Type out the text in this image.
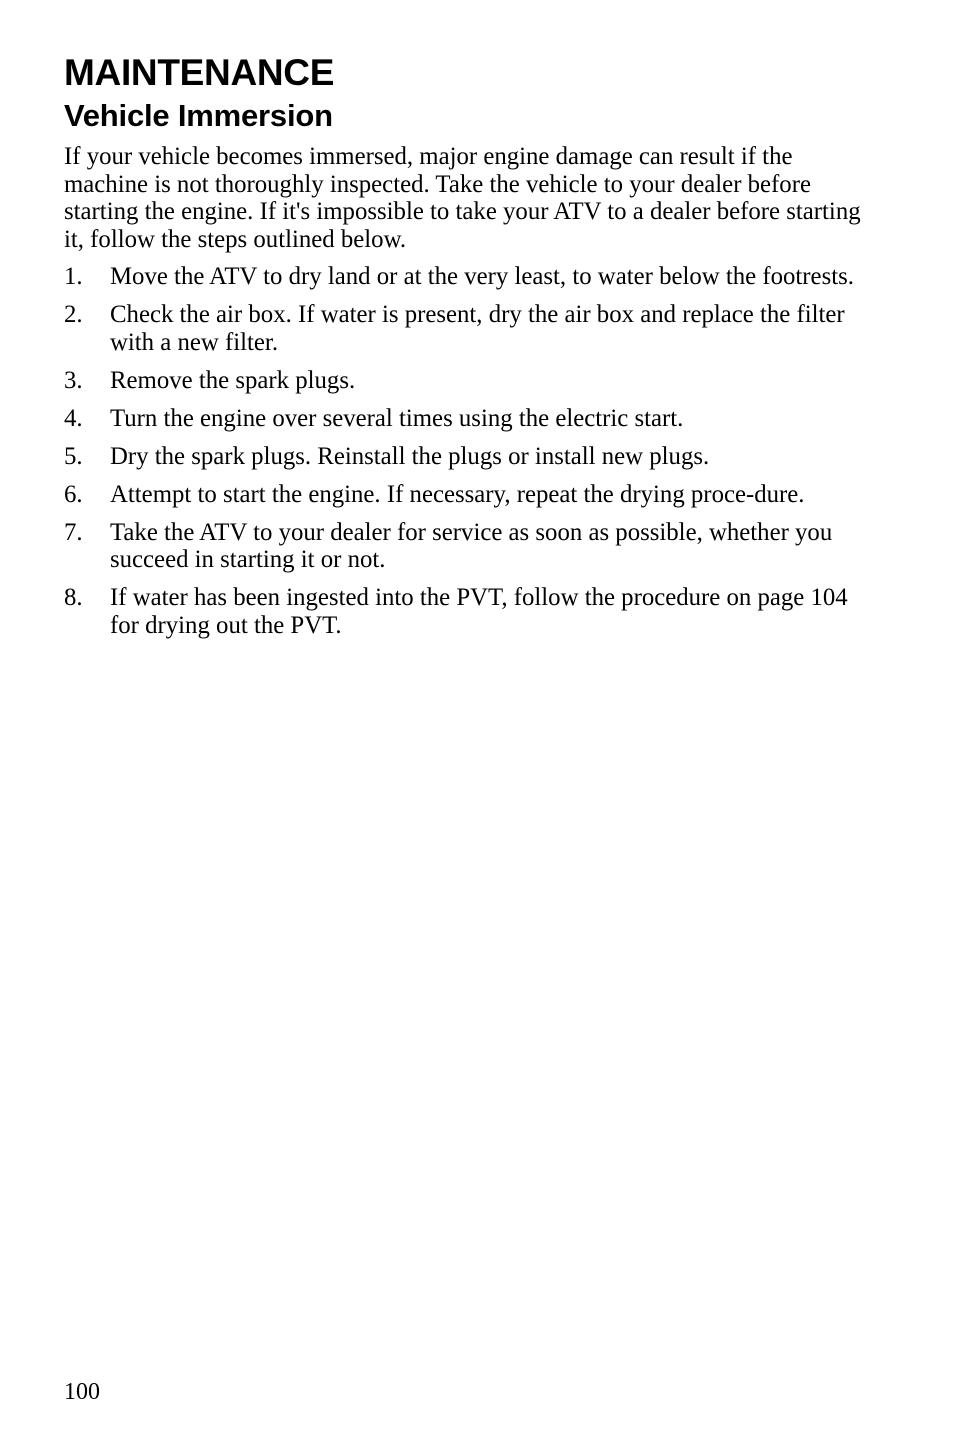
MAINTENANCE
Vehicle Immersion

If your vehicle becomes immersed, major engine damage can result if the machine is not thoroughly inspected. Take the vehicle to your dealer before starting the engine. If it's impossible to take your ATV to a dealer before starting it, follow the steps outlined below.

1. Move the ATV to dry land or at the very least, to water below the footrests.
2. Check the air box. If water is present, dry the air box and replace the filter with a new filter.
3. Remove the spark plugs.
4. Turn the engine over several times using the electric start.
5. Dry the spark plugs. Reinstall the plugs or install new plugs.
6. Attempt to start the engine. If necessary, repeat the drying proce-dure.
7. Take the ATV to your dealer for service as soon as possible, whether you succeed in starting it or not.
8. If water has been ingested into the PVT, follow the procedure on page 104 for drying out the PVT.
100
